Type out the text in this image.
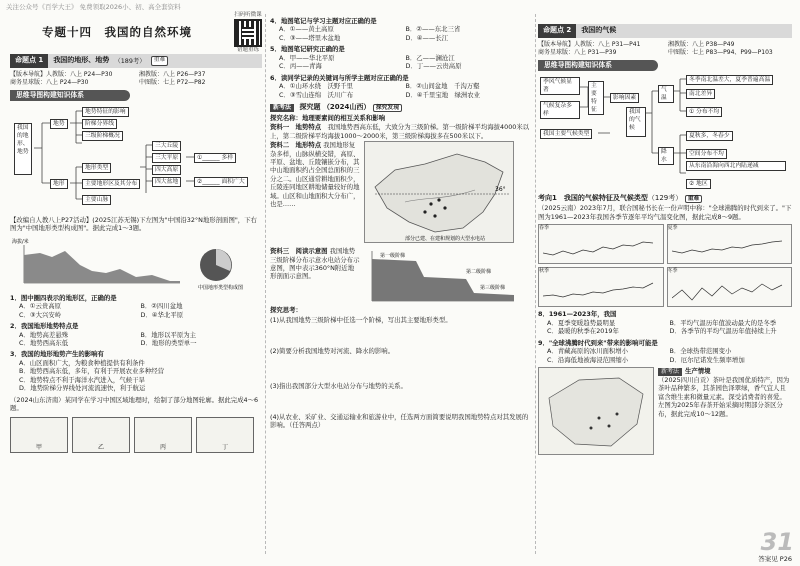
关注公众号《百学大王》 免费领取2026小、初、高全套资料
专题十四　我国的自然环境
扫码听微课
错题重练
命题点 1	我国的地形、地势 （189考）	重难
【版本导航】人教版：八上 P24—P30	湘教版：八上 P26—P37
商务星球版：八上 P24—P30	中图版：七上 P72—P82
思维导图构建知识体系
我国的地形、地势
地势
地形
地势特征的影响
阶梯分界线
三级阶梯概况
地形类型
主要地形区及其分布
主要山脉
三大丘陵
三大平原
四大高原
四大盆地
①______ 多样
②______ 面积广大
【改编自人教八上P27活动】(2025江苏无锡)下左图为"中国沿32°N地形剖面图"，下右图为"中国地形类型构成图"。据此完成1～3题。
海拔/米
中国地形类型构成图
1．图中圈四表示的地形区，正确的是
A．①云贵高原	B．②四川盆地
C．③大兴安岭	D．④华北平原
2．我国地形地势特点是
A．地势高差悬殊	B．地形以平原为主
C．地势西高东低	D．地形的类型单一
3．我国的地形地势产生的影响有
A．山区面积广大，为粮食种植提供有利条件
B．地势西高东低，多年，有利于开展农业多种经营
C．地势特点不利于海洋水汽进入，气候干旱
D．地势阶梯分界线处河流流速快，利于航运
（2024山东济南）某同学在学习中国区域地理时，绘制了部分地图轮廓。据此完成4～6题。
甲	乙	丙	丁
4．地图笔记与学习主题对应正确的是
A．①——黄土高原	B．②——东北三省
C．③——塔里木盆地	D．④——长江
5．地图笔记研究正确的是
A．甲——华北平原	B．乙——澜沧江
C．丙——青海	D．丁——云贵高原
6．读同学记录的关键词与所学主题对应正确的是
A．①山环水绕　沃野千里	B．②山间盆地　千沟万壑
C．③雪山连绵　沃川广布	D．④千里宝地　绿洲农业
新考法 探究题 （2024山西） 探究发现
探究名称：地理要素间的相互关系和影响
资料一　地势特点　 我国地势西高东低，大致分为三级阶梯。第一级阶梯平均海拔4000米以上，第二级阶梯平均海拔1000～2000米，第三级阶梯海拔多在500米以下。
资料二　地形特点 我国地形复杂多样，山脉纵横交错，高原、平原、盆地、丘陵镶嵌分布，其中山地面积约占全国总面积的三分之二。山区通常耕地面积少，丘陵连同地区耕地储量较好的地域。山区和山地面积大分布广，也是……
36°
部分已建、在建和规划的大型水电站
资料三　阅读示意图 我国地势三级阶梯分布示意水电站分布示意图，图中表示360°N附近地形剖面示意图。
第一级阶梯
第二级阶梯
第三级阶梯
探究思考：
(1)从我国地势三级阶梯中任选一个阶梯，写出其主要地形类型。
(2)简要分析我国地势对河流、降水的影响。
(3)指出我国部分大型水电站分布与地势的关系。
(4)从农业、采矿业、交通运输业和旅游业中，任选两方面简要说明我国地势特点对其发展的影响。（任答两点）
命题点 2	我国的气候
【版本导航】人教版：八上 P31—P41	湘教版：八上 P38—P49
商务星球版：八上 P31—P39	中图版：七上 P83—P94、P99—P103
思维导图构建知识体系
季风气候显著
气候复杂多样
主要特征
影响因素
我国的气候
我国主要气候类型
气温
降水
冬季南北温差大，夏季普遍高温
南北差异
① 分布不均
夏秋多，冬春少
空间分布不均
从东南沿海向西北内陆递减
② 地区
考向1　 我国的气候特征及气候类型（129考） 重难
（2025云南）2023年7月，联合国秘书长在一份声明中称："全球沸腾的时代到来了。"下图为1961—2023年我国各季节逐年平均气温变化图，据此完成8～9题。
春季	夏季
秋季	冬季
8．1961—2023年，我国
A．夏季变暖趋势最明显	B．平均气温历年值波动最大的是冬季
C．最暖的秋季在2019年	D．各季节的平均气温历年值持续上升
9．"全球沸腾时代到来"带来的影响可能是
A．青藏高原的冰川面积增小	B．全球热带范围变小
C．沿海低地被海浸范围缩小	D．厄尔尼诺发生频率增加
新考法 生产情境
（2025四川自贡）茶叶是我国优质特产，因为茶叶品种繁多，其茶园色泽翠绿，香气宜人且富含维生素和微量元素。深受消费者的喜爱。左图为2025年春茶开始采摘时期部分茶区分布，据此完成10～12题。
31
答案见 P26
